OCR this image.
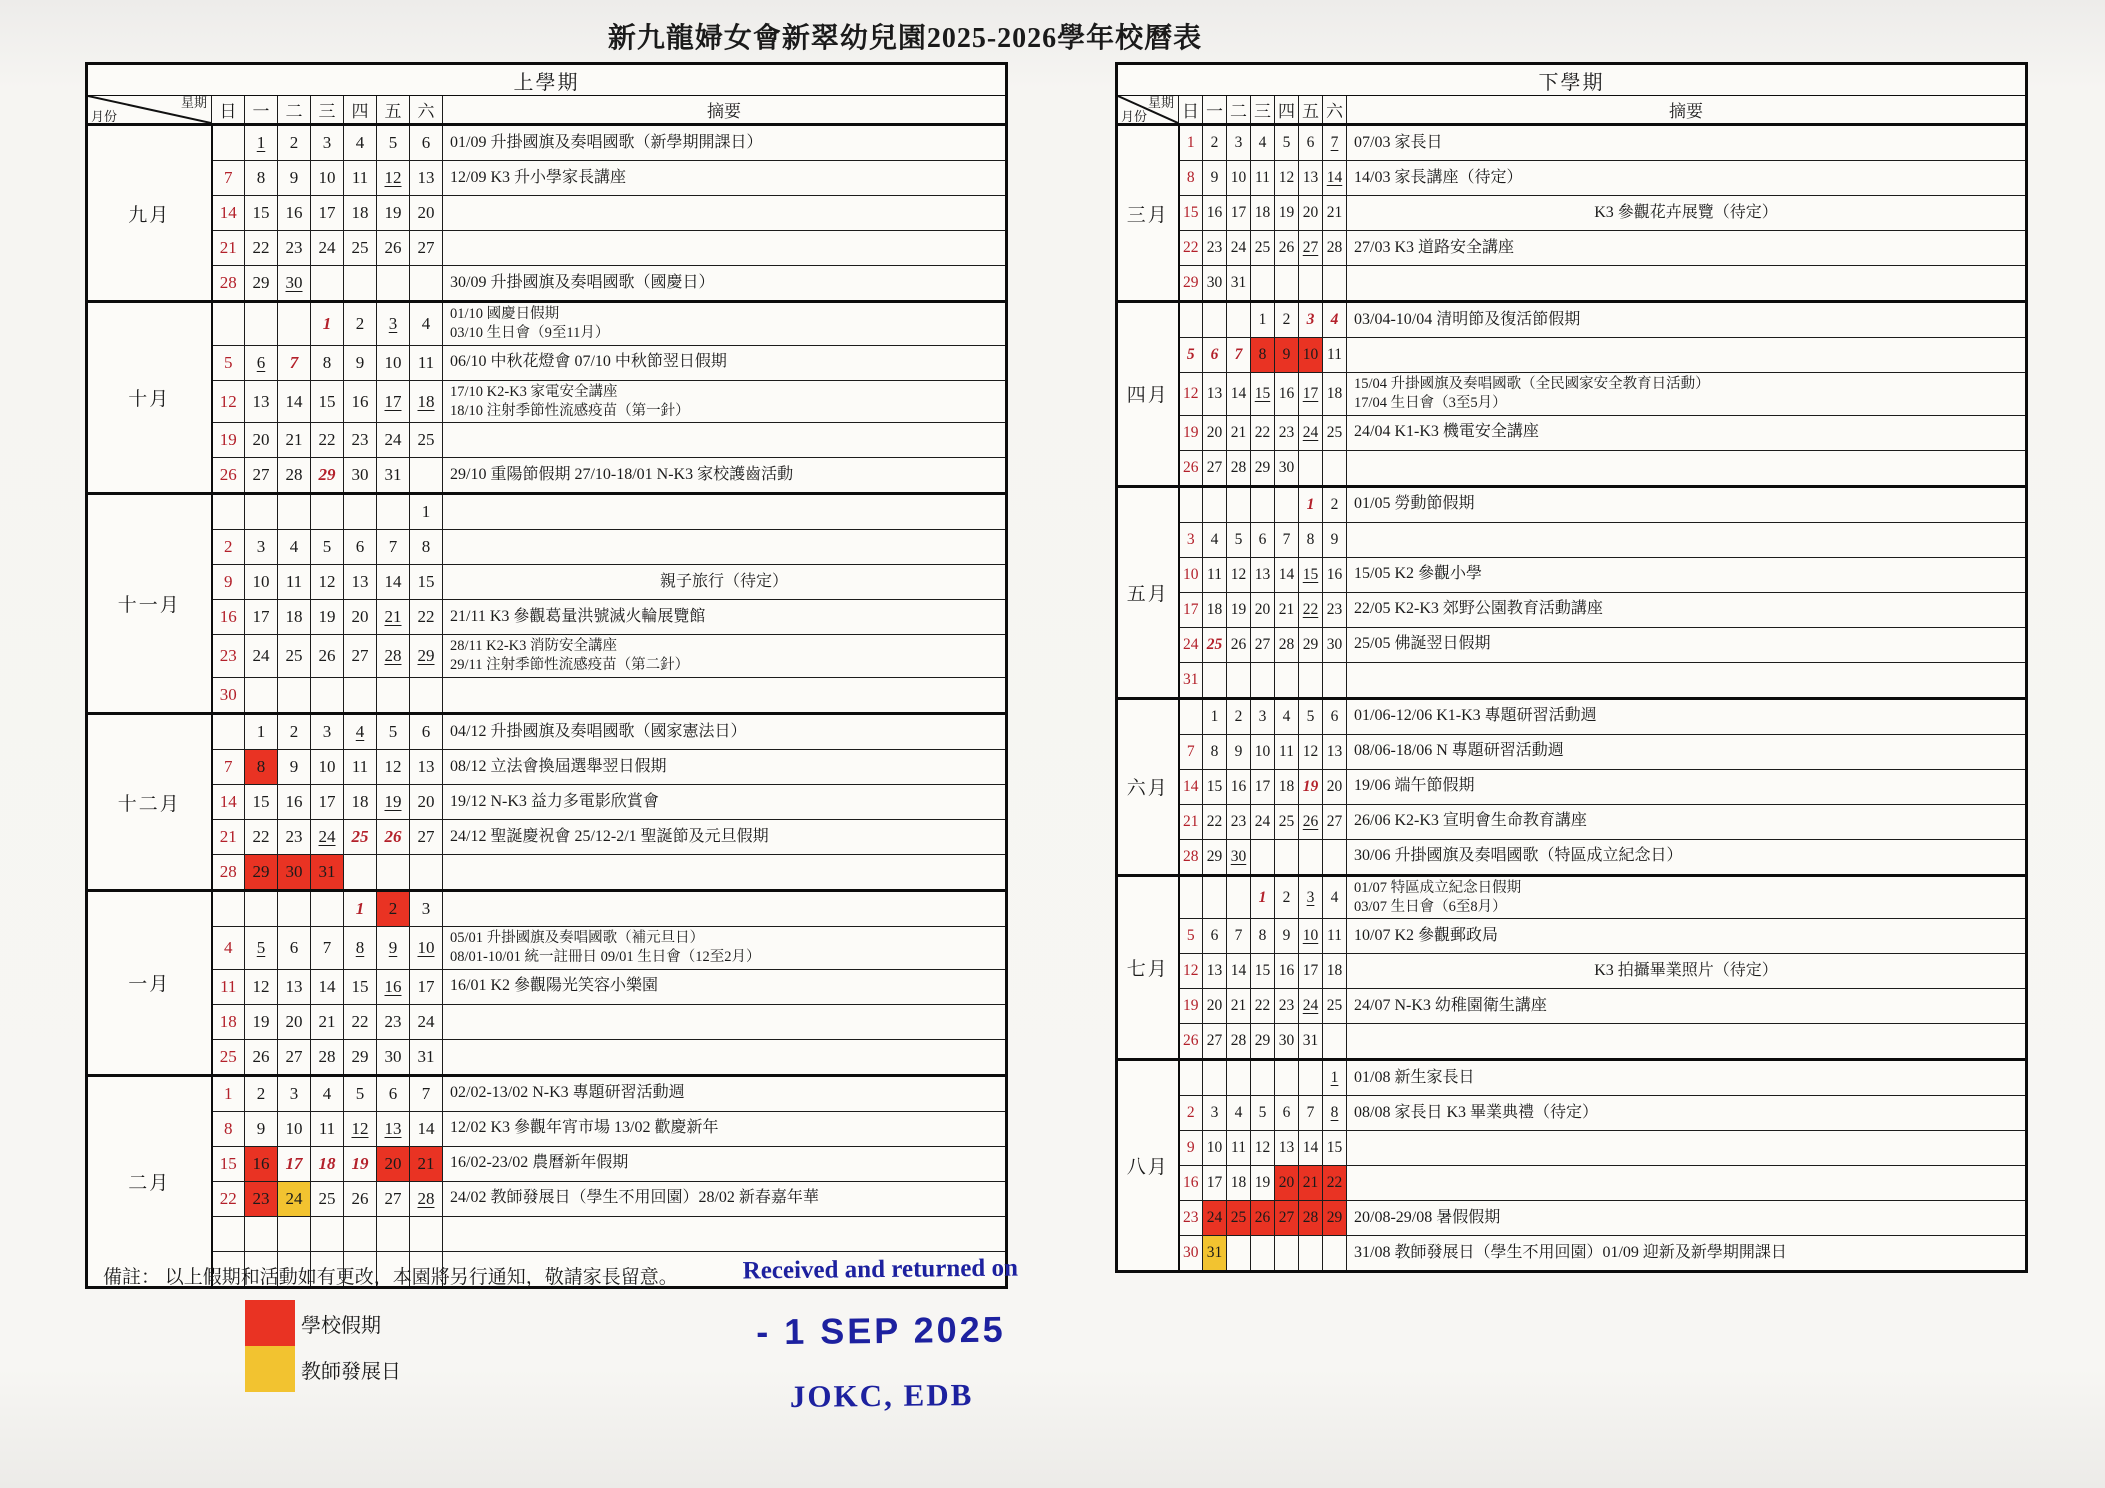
新九龍婦女會新翠幼兒園2025-2026學年校曆表
上學期								

星期
月份	日	一	二	三	四	五	六	摘要
九月		1	2	3	4	5	6	01/09 升掛國旗及奏唱國歌（新學期開課日）
	7	8	9	10	11	12	13	12/09 K3 升小學家長講座
	14	15	16	17	18	19	20	
	21	22	23	24	25	26	27	
	28	29	30					30/09 升掛國旗及奏唱國歌（國慶日）
十月				1	2	3	4	01/10 國慶日假期
03/10 生日會（9至11月）
	5	6	7	8	9	10	11	06/10 中秋花燈會 07/10 中秋節翌日假期
	12	13	14	15	16	17	18	17/10 K2-K3 家電安全講座
18/10 注射季節性流感疫苗（第一針）
	19	20	21	22	23	24	25	
	26	27	28	29	30	31		29/10 重陽節假期 27/10-18/01 N-K3 家校護齒活動
十一月							1	
	2	3	4	5	6	7	8	
	9	10	11	12	13	14	15	親子旅行（待定）
	16	17	18	19	20	21	22	21/11 K3 參觀葛量洪號滅火輪展覽館
	23	24	25	26	27	28	29	28/11 K2-K3 消防安全講座
29/11 注射季節性流感疫苗（第二針）
	30							
十二月		1	2	3	4	5	6	04/12 升掛國旗及奏唱國歌（國家憲法日）
	7	8	9	10	11	12	13	08/12 立法會換屆選舉翌日假期
	14	15	16	17	18	19	20	19/12 N-K3 益力多電影欣賞會
	21	22	23	24	25	26	27	24/12 聖誕慶祝會 25/12-2/1 聖誕節及元旦假期
	28	29	30	31				
一月					1	2	3	
	4	5	6	7	8	9	10	05/01 升掛國旗及奏唱國歌（補元旦日）
08/01-10/01 統一註冊日 09/01 生日會（12至2月）
	11	12	13	14	15	16	17	16/01 K2 參觀陽光笑容小樂園
	18	19	20	21	22	23	24	
	25	26	27	28	29	30	31	
二月	1	2	3	4	5	6	7	02/02-13/02 N-K3 專題研習活動週
	8	9	10	11	12	13	14	12/02 K3 參觀年宵市場 13/02 歡慶新年
	15	16	17	18	19	20	21	16/02-23/02 農曆新年假期
	22	23	24	25	26	27	28	24/02 教師發展日（學生不用回園）28/02 新春嘉年華

下學期								

星期
月份	日	一	二	三	四	五	六	摘要
三月	1	2	3	4	5	6	7	07/03 家長日
	8	9	10	11	12	13	14	14/03 家長講座（待定）
	15	16	17	18	19	20	21	K3 參觀花卉展覽（待定）
	22	23	24	25	26	27	28	27/03 K3 道路安全講座
	29	30	31					
四月				1	2	3	4	03/04-10/04 清明節及復活節假期
	5	6	7	8	9	10	11	
	12	13	14	15	16	17	18	15/04 升掛國旗及奏唱國歌（全民國家安全教育日活動）
17/04 生日會（3至5月）
	19	20	21	22	23	24	25	24/04 K1-K3 機電安全講座
	26	27	28	29	30			
五月						1	2	01/05 勞動節假期
	3	4	5	6	7	8	9	
	10	11	12	13	14	15	16	15/05 K2 參觀小學
	17	18	19	20	21	22	23	22/05 K2-K3 郊野公園教育活動講座
	24	25	26	27	28	29	30	25/05 佛誕翌日假期
	31							
六月		1	2	3	4	5	6	01/06-12/06 K1-K3 專題研習活動週
	7	8	9	10	11	12	13	08/06-18/06 N 專題研習活動週
	14	15	16	17	18	19	20	19/06 端午節假期
	21	22	23	24	25	26	27	26/06 K2-K3 宣明會生命教育講座
	28	29	30					30/06 升掛國旗及奏唱國歌（特區成立紀念日）
七月				1	2	3	4	01/07 特區成立紀念日假期
03/07 生日會（6至8月）
	5	6	7	8	9	10	11	10/07 K2 參觀郵政局
	12	13	14	15	16	17	18	K3 拍攝畢業照片（待定）
	19	20	21	22	23	24	25	24/07 N-K3 幼稚園衛生講座
	26	27	28	29	30	31		
八月							1	01/08 新生家長日
	2	3	4	5	6	7	8	08/08 家長日 K3 畢業典禮（待定）
	9	10	11	12	13	14	15	
	16	17	18	19	20	21	22	
	23	24	25	26	27	28	29	20/08-29/08 暑假假期
	30	31						31/08 教師發展日（學生不用回園）01/09 迎新及新學期開課日
備註： 以上假期和活動如有更改，本園將另行通知，敬請家長留意。
學校假期
教師發展日
Received and returned on
- 1 SEP 2025
JOKC, EDB
